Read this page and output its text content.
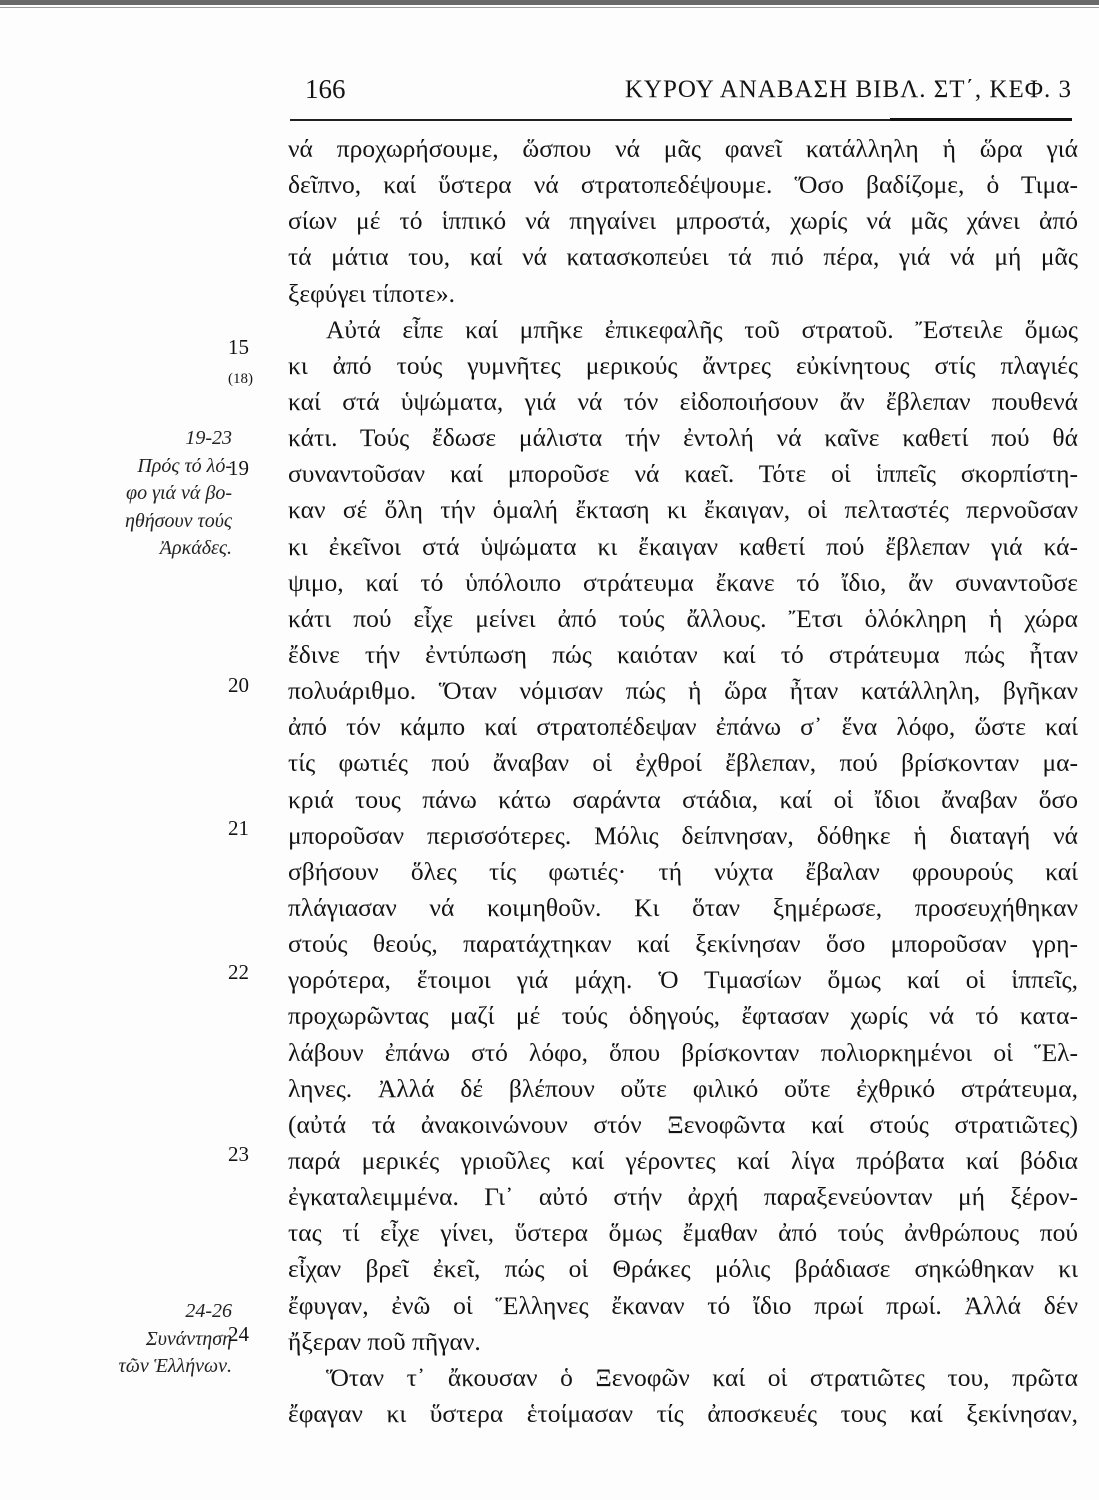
166	ΚΥΡΟΥ ΑΝΑΒΑΣΗ ΒΙΒΛ. ΣΤ΄, ΚΕΦ. 3
15
(18)
19
20
21
22
23
24
19-23
Πρός τό λό-
φο γιά νά βο-
ηθήσουν τούς
Ἀρκάδες.
24-26
Συνάντηση
τῶν Ἑλλήνων.
νά προχωρήσουμε, ὥσπου νά μᾶς φανεῖ κατάλληλη ἡ ὥρα γιά
δεῖπνο, καί ὕστερα νά στρατοπεδέψουμε. Ὅσο βαδίζομε, ὁ Τιμα-
σίων μέ τό ἱππικό νά πηγαίνει μπροστά, χωρίς νά μᾶς χάνει ἀπό
τά μάτια του, καί νά κατασκοπεύει τά πιό πέρα, γιά νά μή μᾶς
ξεφύγει τίποτε».
Αὐτά εἶπε καί μπῆκε ἐπικεφαλῆς τοῦ στρατοῦ. Ἔστειλε ὅμως
κι ἀπό τούς γυμνῆτες μερικούς ἄντρες εὐκίνητους στίς πλαγιές
καί στά ὑψώματα, γιά νά τόν εἰδοποιήσουν ἄν ἔβλεπαν πουθενά
κάτι. Τούς ἔδωσε μάλιστα τήν ἐντολή νά καῖνε καθετί πού θά
συναντοῦσαν καί μποροῦσε νά καεῖ. Τότε οἱ ἱππεῖς σκορπίστη-
καν σέ ὅλη τήν ὁμαλή ἔκταση κι ἔκαιγαν, οἱ πελταστές περνοῦσαν
κι ἐκεῖνοι στά ὑψώματα κι ἔκαιγαν καθετί πού ἔβλεπαν γιά κά-
ψιμο, καί τό ὑπόλοιπο στράτευμα ἔκανε τό ἴδιο, ἄν συναντοῦσε
κάτι πού εἶχε μείνει ἀπό τούς ἄλλους. Ἔτσι ὁλόκληρη ἡ χώρα
ἔδινε τήν ἐντύπωση πώς καιόταν καί τό στράτευμα πώς ἦταν
πολυάριθμο. Ὅταν νόμισαν πώς ἡ ὥρα ἦταν κατάλληλη, βγῆκαν
ἀπό τόν κάμπο καί στρατοπέδεψαν ἐπάνω σ᾽ ἕνα λόφο, ὥστε καί
τίς φωτιές πού ἄναβαν οἱ ἐχθροί ἔβλεπαν, πού βρίσκονταν μα-
κριά τους πάνω κάτω σαράντα στάδια, καί οἱ ἴδιοι ἄναβαν ὅσο
μποροῦσαν περισσότερες. Μόλις δείπνησαν, δόθηκε ἡ διαταγή νά
σβήσουν ὅλες τίς φωτιές· τή νύχτα ἔβαλαν φρουρούς καί
πλάγιασαν νά κοιμηθοῦν. Κι ὅταν ξημέρωσε, προσευχήθηκαν
στούς θεούς, παρατάχτηκαν καί ξεκίνησαν ὅσο μποροῦσαν γρη-
γορότερα, ἕτοιμοι γιά μάχη. Ὁ Τιμασίων ὅμως καί οἱ ἱππεῖς,
προχωρῶντας μαζί μέ τούς ὁδηγούς, ἔφτασαν χωρίς νά τό κατα-
λάβουν ἐπάνω στό λόφο, ὅπου βρίσκονταν πολιορκημένοι οἱ Ἕλ-
ληνες. Ἀλλά δέ βλέπουν οὔτε φιλικό οὔτε ἐχθρικό στράτευμα,
(αὐτά τά ἀνακοινώνουν στόν Ξενοφῶντα καί στούς στρατιῶτες)
παρά μερικές γριοῦλες καί γέροντες καί λίγα πρόβατα καί βόδια
ἐγκαταλειμμένα. Γι᾽ αὐτό στήν ἀρχή παραξενεύονταν μή ξέρον-
τας τί εἶχε γίνει, ὕστερα ὅμως ἔμαθαν ἀπό τούς ἀνθρώπους πού
εἶχαν βρεῖ ἐκεῖ, πώς οἱ Θράκες μόλις βράδιασε σηκώθηκαν κι
ἔφυγαν, ἐνῶ οἱ Ἕλληνες ἔκαναν τό ἴδιο πρωί πρωί. Ἀλλά δέν
ἤξεραν ποῦ πῆγαν.
Ὅταν τ᾽ ἄκουσαν ὁ Ξενοφῶν καί οἱ στρατιῶτες του, πρῶτα
ἔφαγαν κι ὕστερα ἑτοίμασαν τίς ἀποσκευές τους καί ξεκίνησαν,
